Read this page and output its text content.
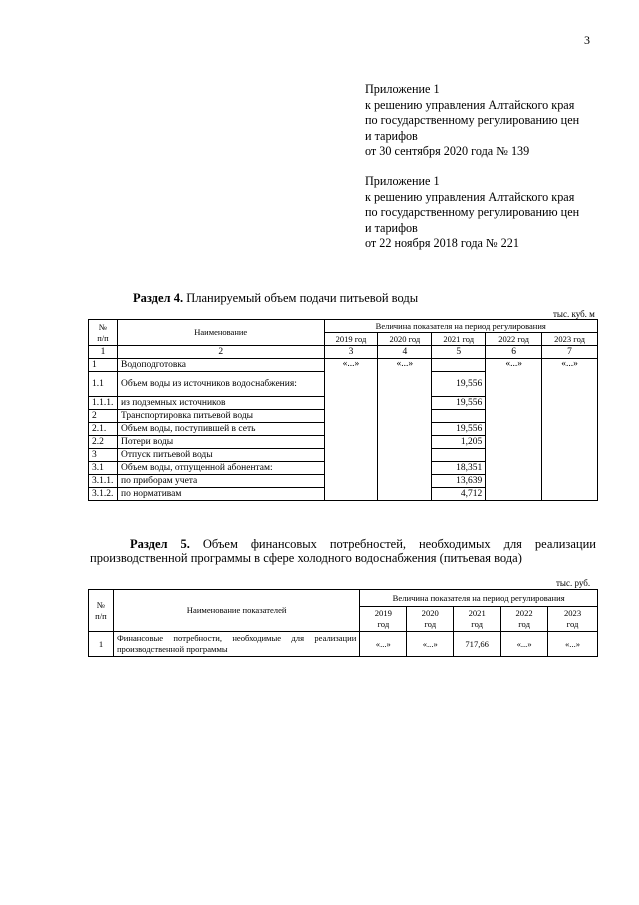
3
Приложение 1
к решению управления Алтайского края
по государственному регулированию цен
и тарифов
от 30 сентября 2020 года № 139
Приложение 1
к решению управления Алтайского края
по государственному регулированию цен
и тарифов
от 22 ноября 2018 года № 221
Раздел 4. Планируемый объем подачи питьевой воды
тыс. куб. м
№
п/п	Наименование	Величина показателя на период регулирования				
		2019 год	2020 год	2021 год	2022 год	2023 год
1	2	3	4	5	6	7
1	Водоподготовка	«...»	«...»		«...»	«...»
1.1	Объем воды из источников водоснабжения:			19,556		
1.1.1.	из подземных источников			19,556		
2	Транспортировка питьевой воды					
2.1.	Объем воды, поступившей в сеть			19,556		
2.2	Потери воды			1,205		
3	Отпуск питьевой воды					
3.1	Объем воды, отпущенной абонентам:			18,351		
3.1.1.	по приборам учета			13,639		
3.1.2.	по нормативам			4,712		
Раздел 5. Объем финансовых потребностей, необходимых для реализации производственной программы в сфере холодного водоснабжения (питьевая вода)
тыс. руб.
№
п/п	Наименование показателей	Величина показателя на период регулирования				
		2019
год	2020
год	2021
год	2022
год	2023
год
1	Финансовые потребности, необходимые для реализации производственной программы	«...»	«...»	717,66	«...»	«...»
